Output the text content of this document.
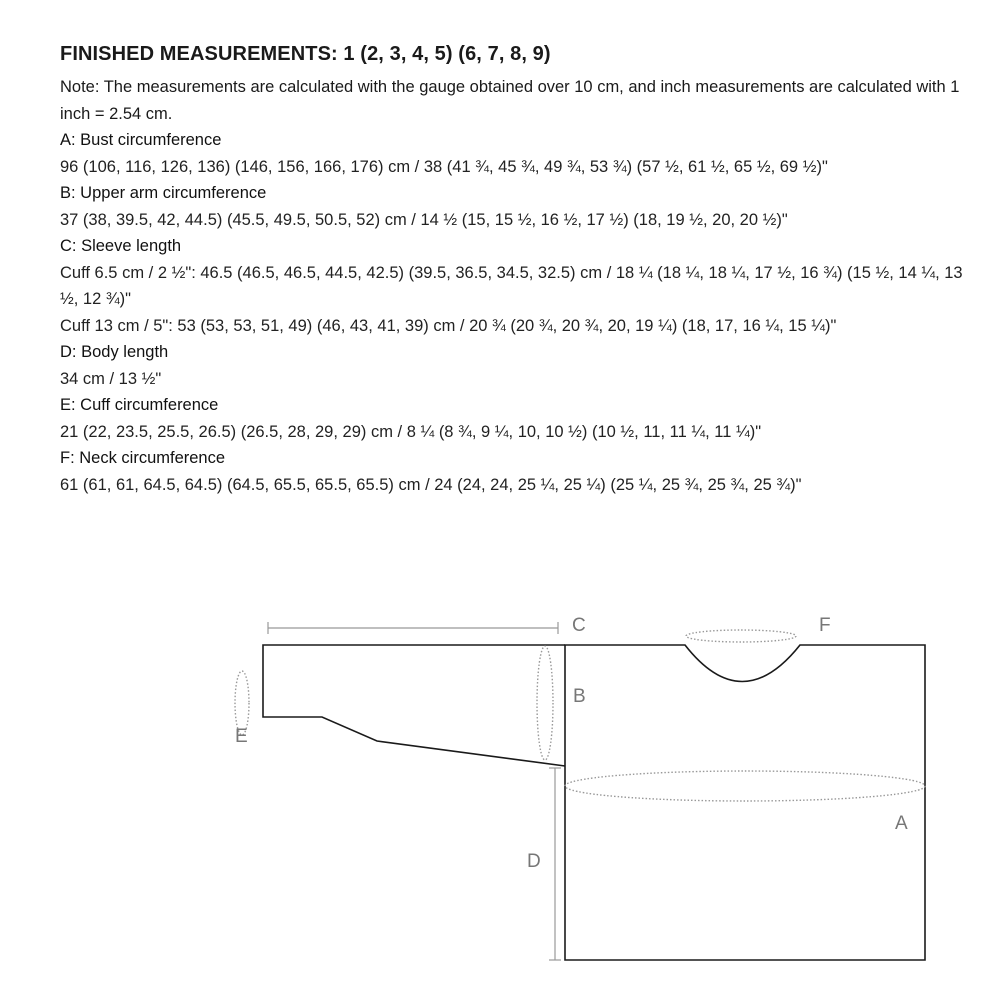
FINISHED MEASUREMENTS: 1 (2, 3, 4, 5) (6, 7, 8, 9)

Note: The measurements are calculated with the gauge obtained over 10 cm, and inch measurements are calculated with 1 inch = 2.54 cm.

A: Bust circumference

96 (106, 116, 126, 136) (146, 156, 166, 176) cm / 38 (41 ¾, 45 ¾, 49 ¾, 53 ¾) (57 ½, 61 ½, 65 ½, 69 ½)"

B: Upper arm circumference

37 (38, 39.5, 42, 44.5) (45.5, 49.5, 50.5, 52) cm / 14 ½ (15, 15 ½, 16 ½, 17 ½) (18, 19 ½, 20, 20 ½)"

C: Sleeve length

Cuff 6.5 cm / 2 ½": 46.5 (46.5, 46.5, 44.5, 42.5) (39.5, 36.5, 34.5, 32.5) cm / 18 ¼ (18 ¼, 18 ¼, 17 ½, 16 ¾) (15 ½, 14 ¼, 13 ½, 12 ¾)"

Cuff 13 cm / 5": 53 (53, 53, 51, 49) (46, 43, 41, 39) cm / 20 ¾ (20 ¾, 20 ¾, 20, 19 ¼) (18, 17, 16 ¼, 15 ¼)"

D: Body length

34 cm / 13 ½"

E: Cuff circumference

21 (22, 23.5, 25.5, 26.5) (26.5, 28, 29, 29) cm / 8 ¼ (8 ¾, 9 ¼, 10, 10 ½) (10 ½, 11, 11 ¼, 11 ¼)"

F: Neck circumference

61 (61, 61, 64.5, 64.5) (64.5, 65.5, 65.5, 65.5) cm / 24 (24, 24, 25 ¼, 25 ¼) (25 ¼, 25 ¾, 25 ¾, 25 ¾)"

C	F
B
E
A
D
